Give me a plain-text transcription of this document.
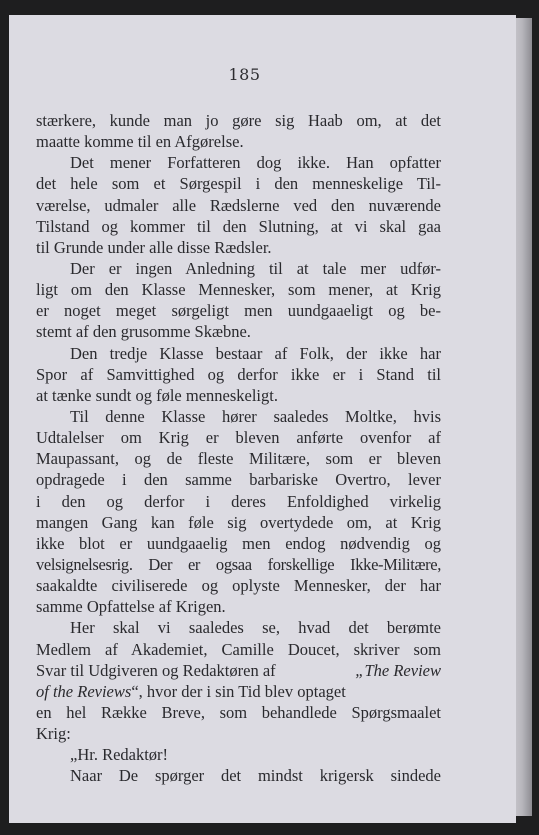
185
stærkere, kunde man jo gøre sig Haab om, at det
maatte komme til en Afgørelse.
Det mener Forfatteren dog ikke. Han opfatter
det hele som et Sørgespil i den menneskelige Til-
værelse, udmaler alle Rædslerne ved den nuværende
Tilstand og kommer til den Slutning, at vi skal gaa
til Grunde under alle disse Rædsler.
Der er ingen Anledning til at tale mer udfør-
ligt om den Klasse Mennesker, som mener, at Krig
er noget meget sørgeligt men uundgaaeligt og be-
stemt af den grusomme Skæbne.
Den tredje Klasse bestaar af Folk, der ikke har
Spor af Samvittighed og derfor ikke er i Stand til
at tænke sundt og føle menneskeligt.
Til denne Klasse hører saaledes Moltke, hvis
Udtalelser om Krig er bleven anførte ovenfor af
Maupassant, og de fleste Militære, som er bleven
opdragede i den samme barbariske Overtro, lever
i den og derfor i deres Enfoldighed virkelig
mangen Gang kan føle sig overtydede om, at Krig
ikke blot er uundgaaelig men endog nødvendig og
velsignelsesrig. Der er ogsaa forskellige Ikke-Militære,
saakaldte civiliserede og oplyste Mennesker, der har
samme Opfattelse af Krigen.
Her skal vi saaledes se, hvad det berømte
Medlem af Akademiet, Camille Doucet, skriver som
Svar til Udgiveren og Redaktøren af	„The Review
of the Reviews“, hvor der i sin Tid blev optaget
en hel Række Breve, som behandlede Spørgsmaalet
Krig:
„Hr. Redaktør!
Naar De spørger det mindst krigersk sindede
